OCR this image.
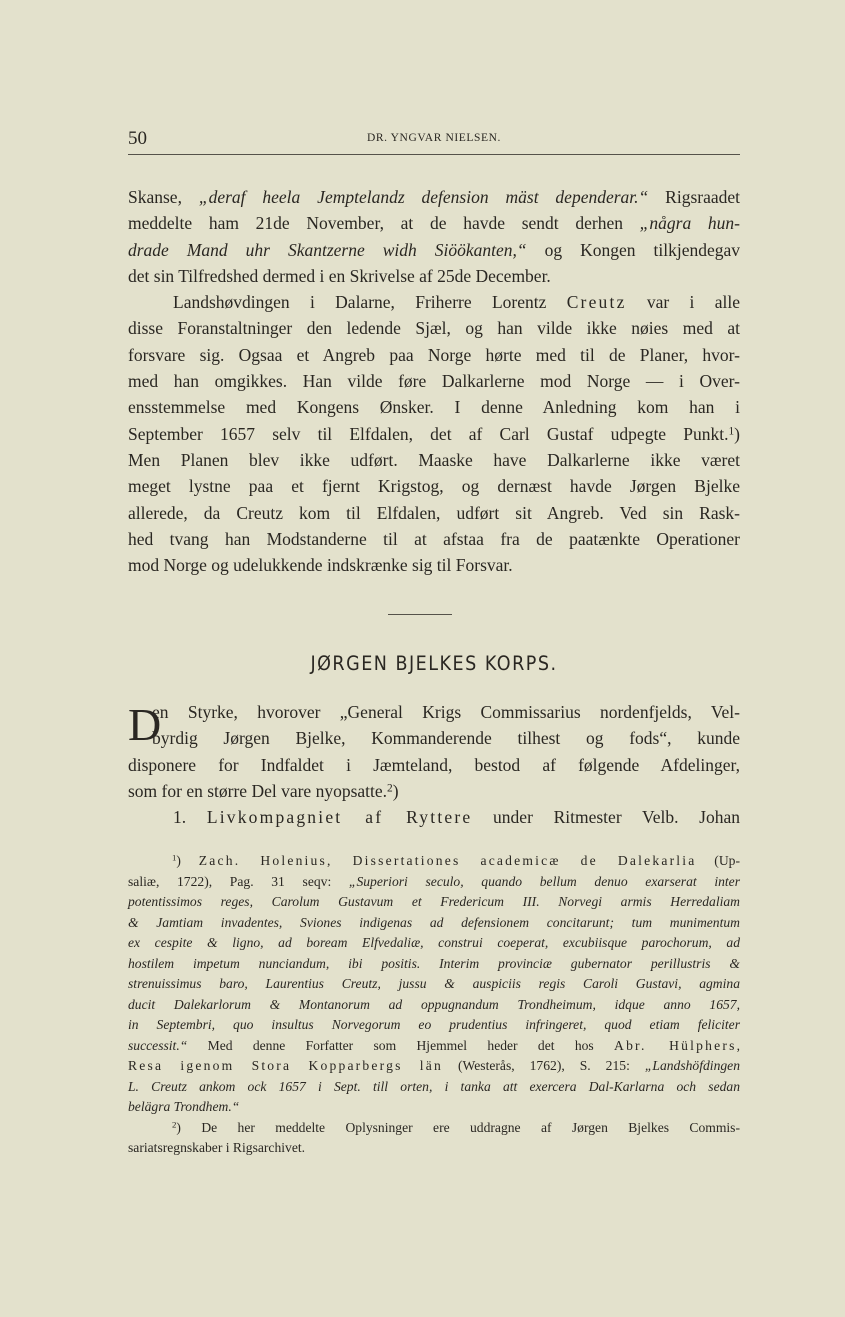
50	DR. YNGVAR NIELSEN.
Skanse, „deraf heela Jemptelandz defension mäst dependerar.“ Rigsraadet
meddelte ham 21de November, at de havde sendt derhen „några hun-
drade Mand uhr Skantzerne widh Siöökanten,“ og Kongen tilkjendegav
det sin Tilfredshed dermed i en Skrivelse af 25de December.
Landshøvdingen i Dalarne, Friherre Lorentz Creutz var i alle
disse Foranstaltninger den ledende Sjæl, og han vilde ikke nøies med at
forsvare sig. Ogsaa et Angreb paa Norge hørte med til de Planer, hvor-
med han omgikkes. Han vilde føre Dalkarlerne mod Norge — i Over-
ensstemmelse med Kongens Ønsker. I denne Anledning kom han i
September 1657 selv til Elfdalen, det af Carl Gustaf udpegte Punkt.$^1$)
Men Planen blev ikke udført. Maaske have Dalkarlerne ikke været
meget lystne paa et fjernt Krigstog, og dernæst havde Jørgen Bjelke
allerede, da Creutz kom til Elfdalen, udført sit Angreb. Ved sin Rask-
hed tvang han Modstanderne til at afstaa fra de paatænkte Operationer
mod Norge og udelukkende indskrænke sig til Forsvar.
JØRGEN BJELKES KORPS.
D
en Styrke, hvorover „General Krigs Commissarius nordenfjelds, Vel-
byrdig Jørgen Bjelke, Kommanderende tilhest og fods“, kunde
disponere for Indfaldet i Jæmteland, bestod af følgende Afdelinger,
som for en større Del vare nyopsatte.$^2$)
1. Livkompagniet af Ryttere under Ritmester Velb. Johan
$^1$) Zach. Holenius, Dissertationes academicæ de Dalekarlia (Up-
saliæ, 1722), Pag. 31 seqv: „Superiori seculo, quando bellum denuo exarserat inter
potentissimos reges, Carolum Gustavum et Fredericum III. Norvegi armis Herredaliam
& Jamtiam invadentes, Sviones indigenas ad defensionem concitarunt; tum munimentum
ex cespite & ligno, ad boream Elfvedaliæ, construi coeperat, excubiisque parochorum, ad
hostilem impetum nunciandum, ibi positis. Interim provinciæ gubernator perillustris &
strenuissimus baro, Laurentius Creutz, jussu & auspiciis regis Caroli Gustavi, agmina
ducit Dalekarlorum & Montanorum ad oppugnandum Trondheimum, idque anno 1657,
in Septembri, quo insultus Norvegorum eo prudentius infringeret, quod etiam feliciter
successit.“ Med denne Forfatter som Hjemmel heder det hos Abr. Hülphers,
Resa igenom Stora Kopparbergs län (Westerås, 1762), S. 215: „Landshöfdingen
L. Creutz ankom ock 1657 i Sept. till orten, i tanka att exercera Dal-Karlarna och sedan
belägra Trondhem.“
$^2$) De her meddelte Oplysninger ere uddragne af Jørgen Bjelkes Commis-
sariatsregnskaber i Rigsarchivet.
